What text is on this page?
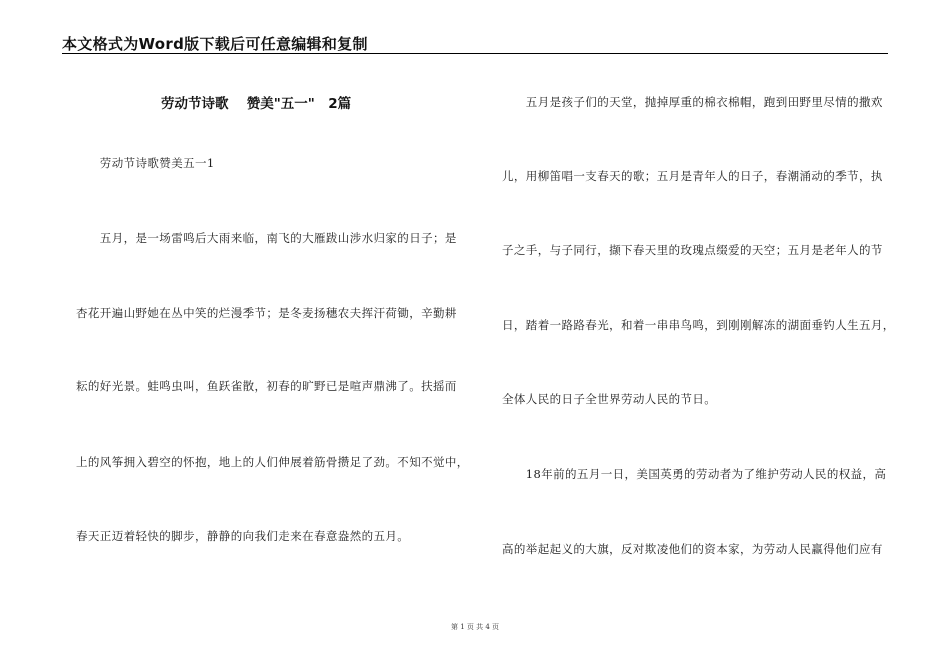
本文格式为Word版下载后可任意编辑和复制
劳动节诗歌　 赞美"五一"　2篇
　　劳动节诗歌赞美五一1
　　五月，是一场雷鸣后大雨来临，南飞的大雁跋山涉水归家的日子；是
杏花开遍山野她在丛中笑的烂漫季节；是冬麦扬穗农夫挥汗荷锄，辛勤耕
耘的好光景。蛙鸣虫叫，鱼跃雀散，初春的旷野已是喧声鼎沸了。扶摇而
上的风筝拥入碧空的怀抱，地上的人们伸展着筋骨攒足了劲。不知不觉中，
春天正迈着轻快的脚步，静静的向我们走来在春意盎然的五月。
　　五月是孩子们的天堂，抛掉厚重的棉衣棉帽，跑到田野里尽情的撒欢
儿，用柳笛唱一支春天的歌；五月是青年人的日子，春潮涌动的季节，执
子之手，与子同行，撷下春天里的玫瑰点缀爱的天空；五月是老年人的节
日，踏着一路路春光，和着一串串鸟鸣，到刚刚解冻的湖面垂钓人生五月，
全体人民的日子全世界劳动人民的节日。
　　18年前的五月一日，美国英勇的劳动者为了维护劳动人民的权益，高
高的举起起义的大旗，反对欺凌他们的资本家，为劳动人民赢得他们应有
第 1 页 共 4 页
